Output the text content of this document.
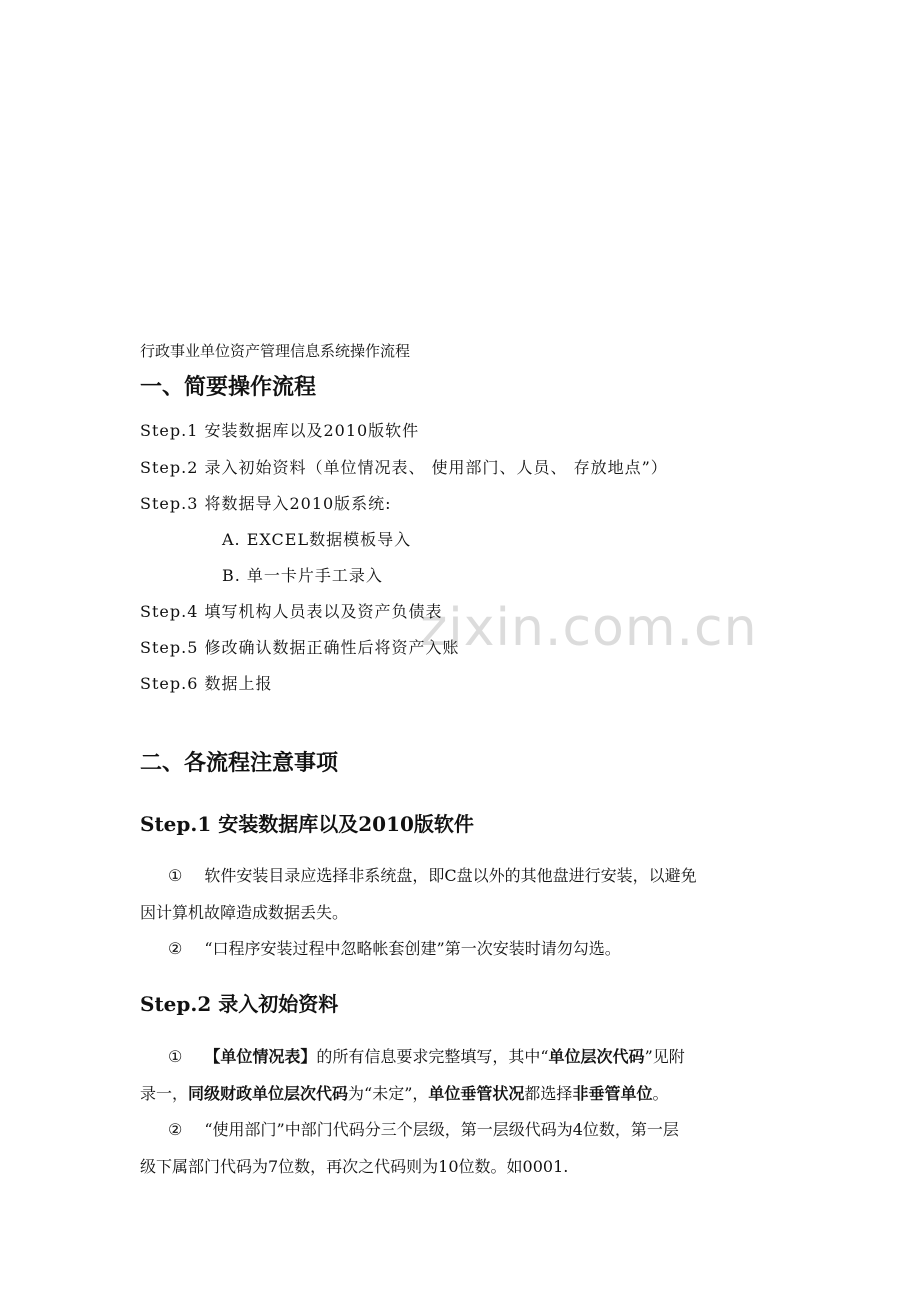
zixin.com.cn
行政事业单位资产管理信息系统操作流程
一、简要操作流程
Step.1 安装数据库以及2010版软件
Step.2 录入初始资料（单位情况表、 使用部门、人员、 存放地点”）
Step.3 将数据导入2010版系统:
A. EXCEL数据模板导入
B. 单一卡片手工录入
Step.4 填写机构人员表以及资产负债表
Step.5 修改确认数据正确性后将资产入账
Step.6 数据上报
二、各流程注意事项
Step.1 安装数据库以及2010版软件
① 软件安装目录应选择非系统盘，即C盘以外的其他盘进行安装，以避免
因计算机故障造成数据丢失。
② “口程序安装过程中忽略帐套创建”第一次安装时请勿勾选。
Step.2 录入初始资料
① 【单位情况表】的所有信息要求完整填写，其中“单位层次代码”见附
录一，同级财政单位层次代码为“未定”，单位垂管状况都选择非垂管单位。
② “使用部门”中部门代码分三个层级，第一层级代码为4位数，第一层
级下属部门代码为7位数，再次之代码则为10位数。如0001.
